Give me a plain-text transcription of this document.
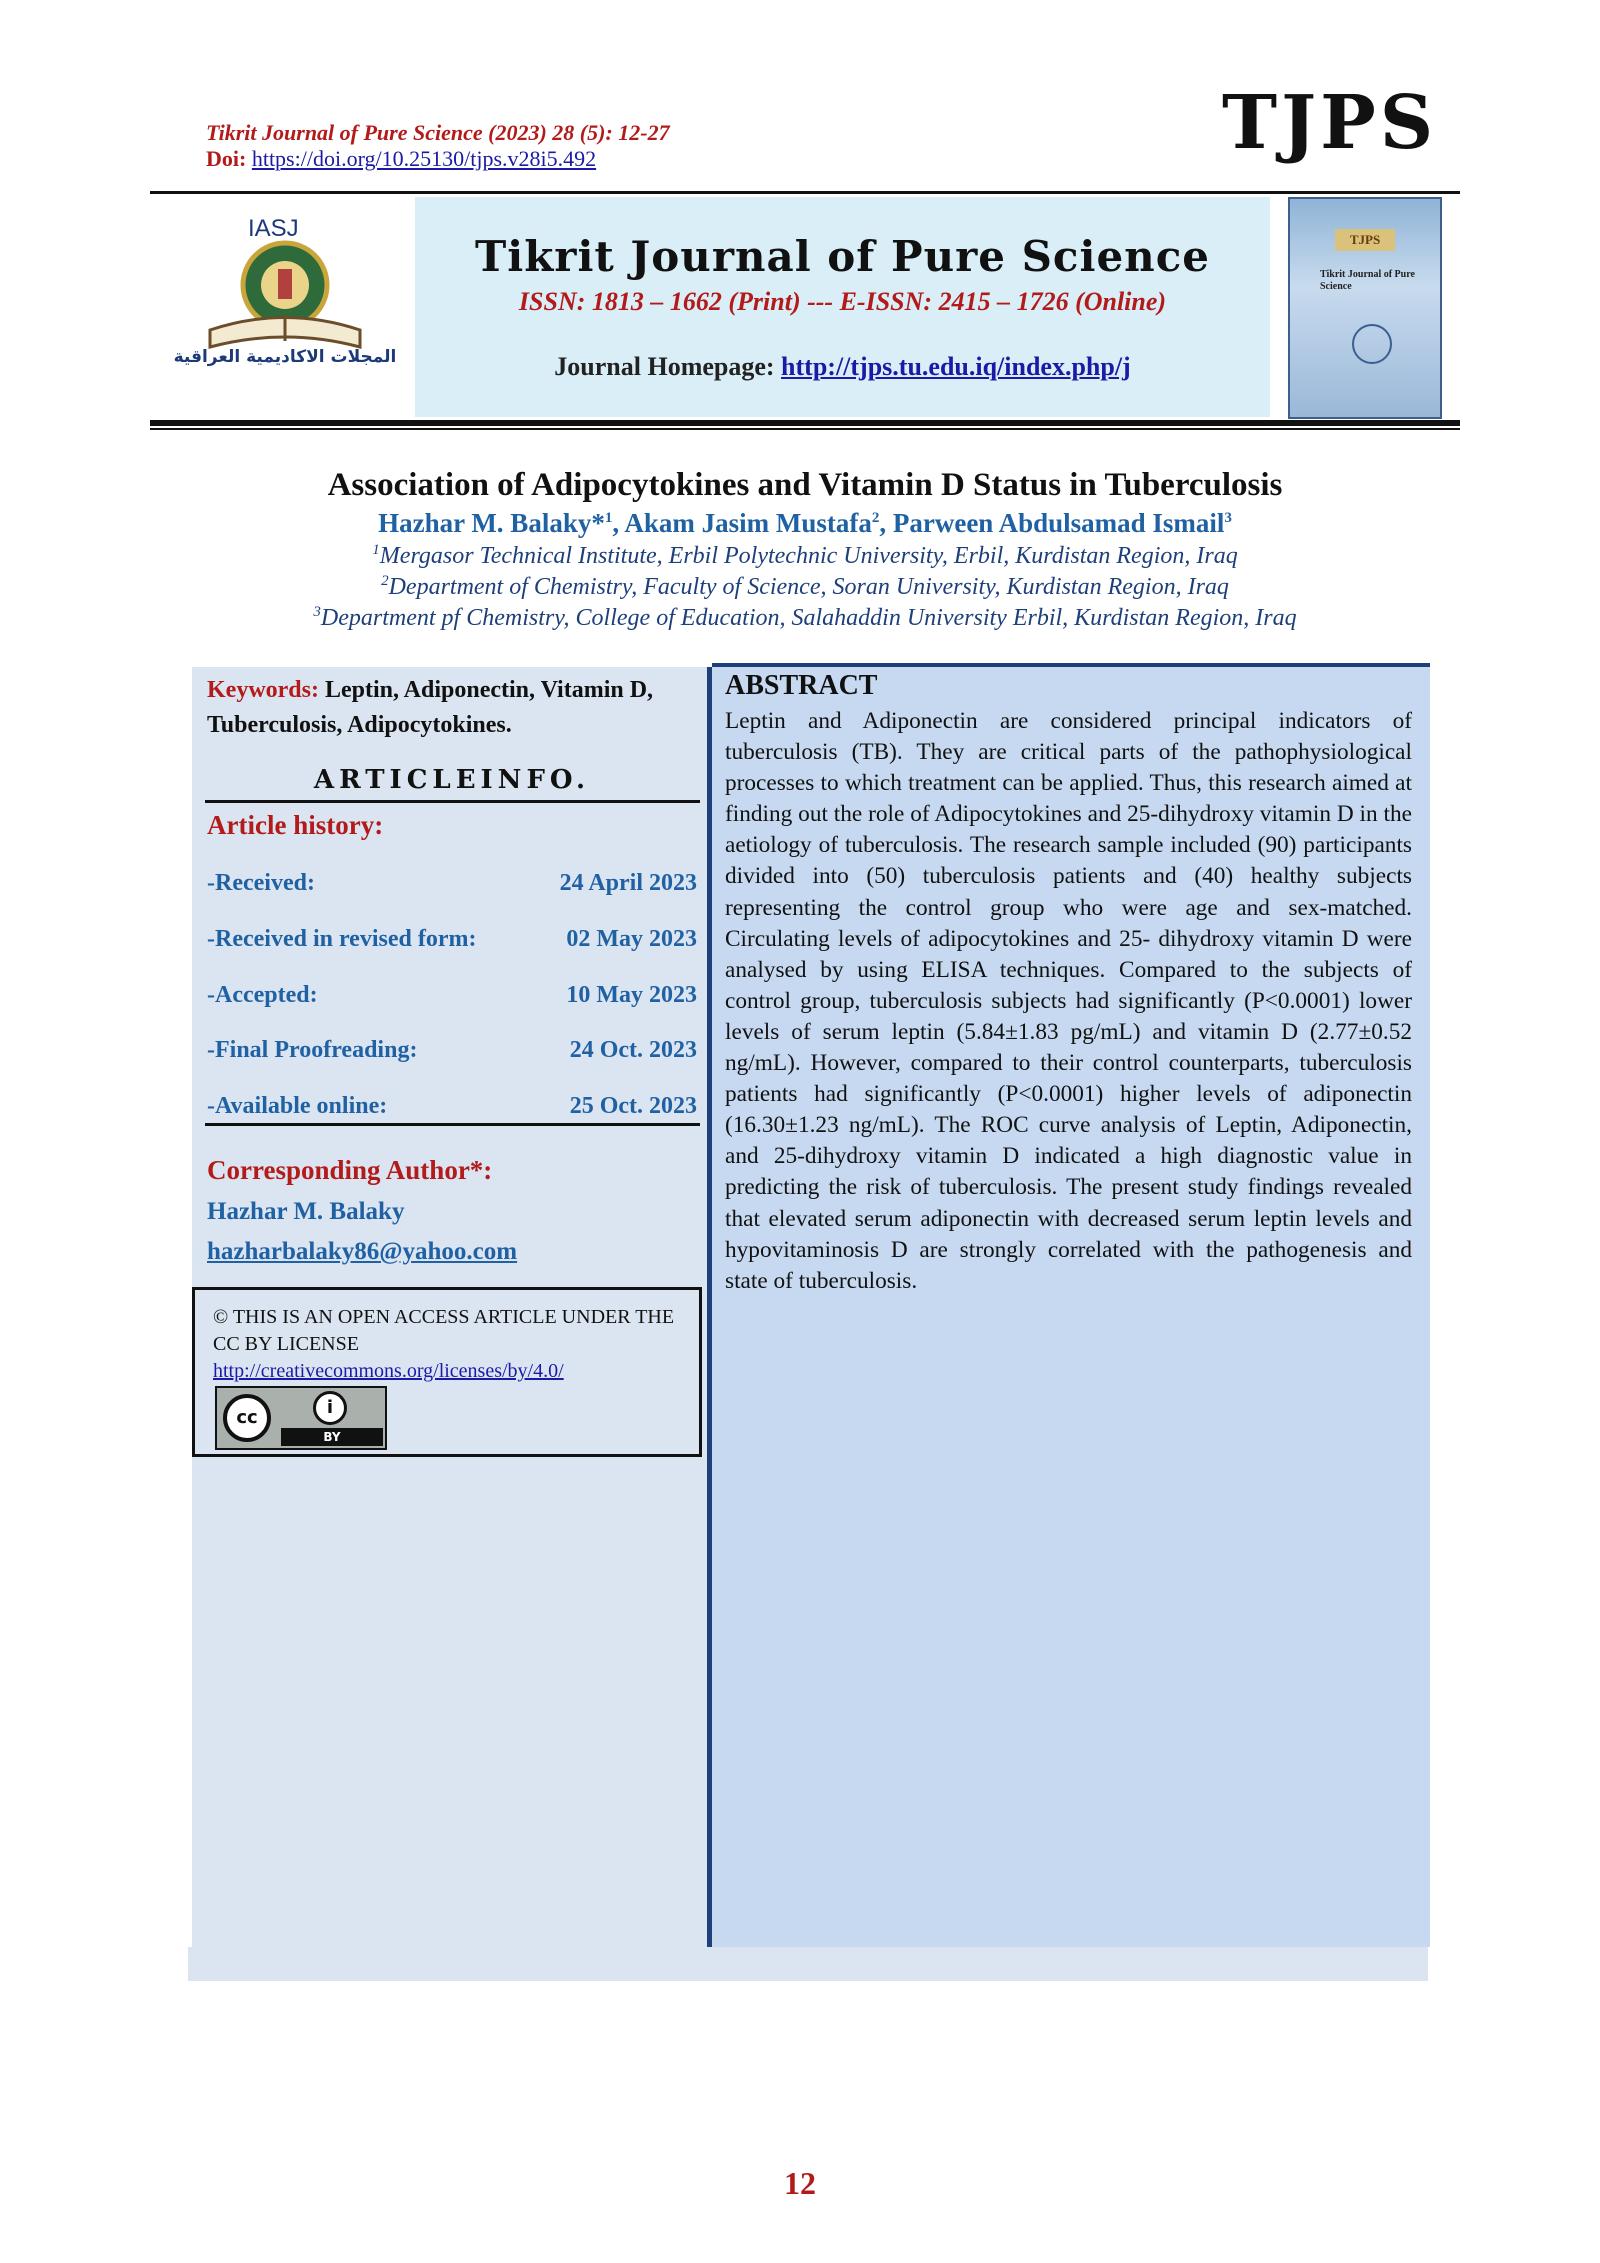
Tikrit Journal of Pure Science (2023) 28 (5): 12-27
Doi: https://doi.org/10.25130/tjps.v28i5.492	TJPS
IASJ
المجلات الاكاديمية العراقية
Tikrit Journal of Pure Science
ISSN: 1813 – 1662 (Print) --- E-ISSN: 2415 – 1726 (Online)
Journal Homepage: http://tjps.tu.edu.iq/index.php/j
TJPS
Tikrit Journal of Pure Science
Association of Adipocytokines and Vitamin D Status in Tuberculosis
Hazhar M. Balaky*$^1$, Akam Jasim Mustafa$^2$, Parween Abdulsamad Ismail$^3$
$^1$Mergasor Technical Institute, Erbil Polytechnic University, Erbil, Kurdistan Region, Iraq
$^2$Department of Chemistry, Faculty of Science, Soran University, Kurdistan Region, Iraq
$^3$Department pf Chemistry, College of Education, Salahaddin University Erbil, Kurdistan Region, Iraq
Keywords: Leptin, Adiponectin, Vitamin D, Tuberculosis, Adipocytokines.
ARTICLEINFO.
Article history:
-Received:	24 April 2023
-Received in revised form:	02 May 2023
-Accepted:	10 May 2023
-Final Proofreading:	24 Oct. 2023
-Available online:	25 Oct. 2023
Corresponding Author*:
Hazhar M. Balaky
hazharbalaky86@yahoo.com
© THIS IS AN OPEN ACCESS ARTICLE UNDER THE CC BY LICENSE
http://creativecommons.org/licenses/by/4.0/
cc	i
BY
ABSTRACT
Leptin and Adiponectin are considered principal indicators of tuberculosis (TB). They are critical parts of the pathophysiological processes to which treatment can be applied. Thus, this research aimed at finding out the role of Adipocytokines and 25-dihydroxy vitamin D in the aetiology of tuberculosis. The research sample included (90) participants divided into (50) tuberculosis patients and (40) healthy subjects representing the control group who were age and sex-matched. Circulating levels of adipocytokines and 25- dihydroxy vitamin D were analysed by using ELISA techniques. Compared to the subjects of control group, tuberculosis subjects had significantly (P<0.0001) lower levels of serum leptin (5.84±1.83 pg/mL) and vitamin D (2.77±0.52 ng/mL). However, compared to their control counterparts, tuberculosis patients had significantly (P<0.0001) higher levels of adiponectin (16.30±1.23 ng/mL). The ROC curve analysis of Leptin, Adiponectin, and 25-dihydroxy vitamin D indicated a high diagnostic value in predicting the risk of tuberculosis. The present study findings revealed that elevated serum adiponectin with decreased serum leptin levels and hypovitaminosis D are strongly correlated with the pathogenesis and state of tuberculosis.
12
